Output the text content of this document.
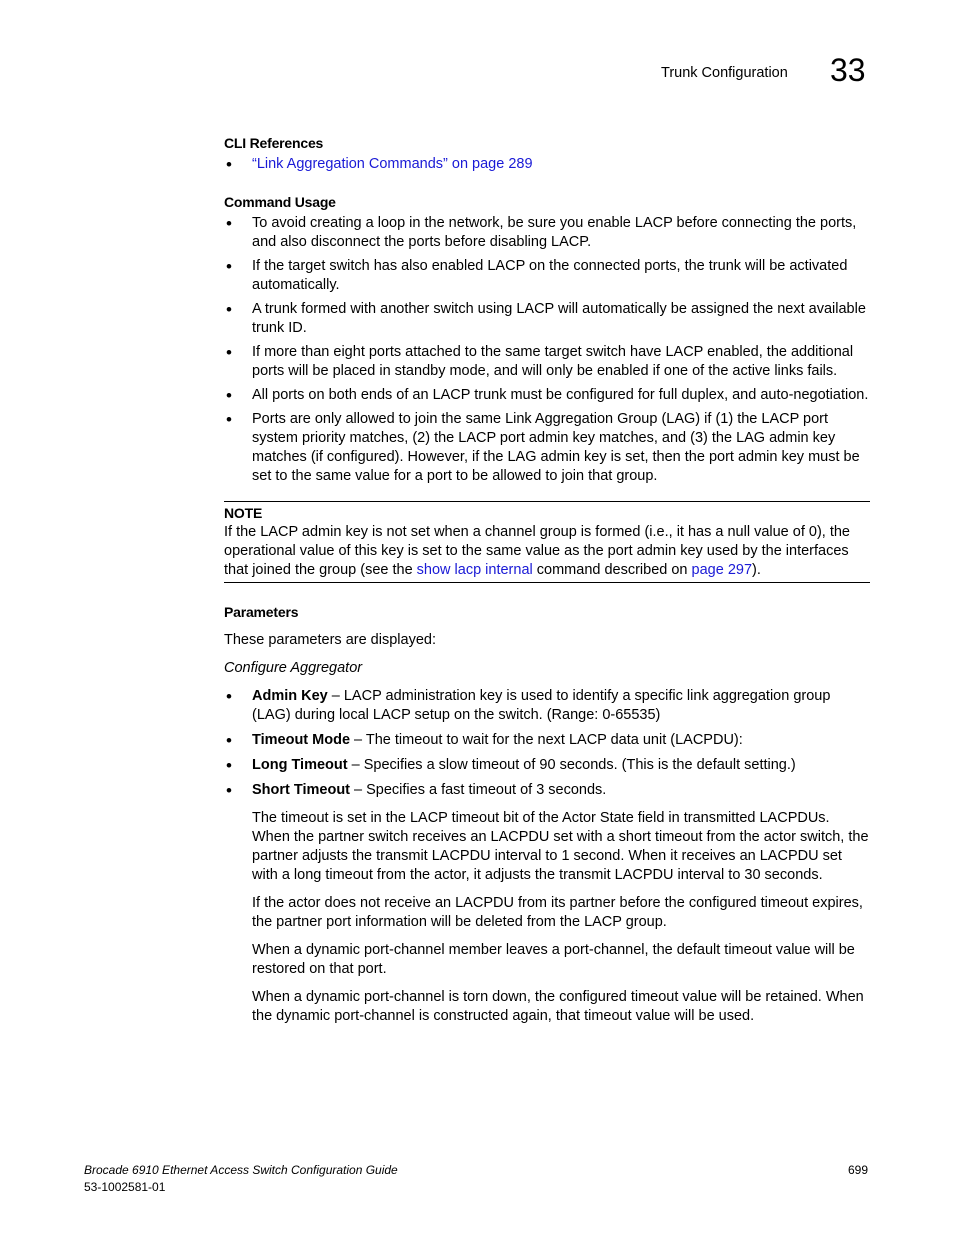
Trunk Configuration 33
CLI References
• “Link Aggregation Commands” on page 289
Command Usage
• To avoid creating a loop in the network, be sure you enable LACP before connecting the ports, and also disconnect the ports before disabling LACP.
• If the target switch has also enabled LACP on the connected ports, the trunk will be activated automatically.
• A trunk formed with another switch using LACP will automatically be assigned the next available trunk ID.
• If more than eight ports attached to the same target switch have LACP enabled, the additional ports will be placed in standby mode, and will only be enabled if one of the active links fails.
• All ports on both ends of an LACP trunk must be configured for full duplex, and auto-negotiation.
• Ports are only allowed to join the same Link Aggregation Group (LAG) if (1) the LACP port system priority matches, (2) the LACP port admin key matches, and (3) the LAG admin key matches (if configured). However, if the LAG admin key is set, then the port admin key must be set to the same value for a port to be allowed to join that group.
NOTE
If the LACP admin key is not set when a channel group is formed (i.e., it has a null value of 0), the operational value of this key is set to the same value as the port admin key used by the interfaces that joined the group (see the show lacp internal command described on page 297).
Parameters
These parameters are displayed:
Configure Aggregator
• Admin Key – LACP administration key is used to identify a specific link aggregation group (LAG) during local LACP setup on the switch. (Range: 0-65535)
• Timeout Mode – The timeout to wait for the next LACP data unit (LACPDU):
• Long Timeout – Specifies a slow timeout of 90 seconds. (This is the default setting.)
• Short Timeout – Specifies a fast timeout of 3 seconds.
The timeout is set in the LACP timeout bit of the Actor State field in transmitted LACPDUs. When the partner switch receives an LACPDU set with a short timeout from the actor switch, the partner adjusts the transmit LACPDU interval to 1 second. When it receives an LACPDU set with a long timeout from the actor, it adjusts the transmit LACPDU interval to 30 seconds.
If the actor does not receive an LACPDU from its partner before the configured timeout expires, the partner port information will be deleted from the LACP group.
When a dynamic port-channel member leaves a port-channel, the default timeout value will be restored on that port.
When a dynamic port-channel is torn down, the configured timeout value will be retained. When the dynamic port-channel is constructed again, that timeout value will be used.
Brocade 6910 Ethernet Access Switch Configuration Guide
53-1002581-01
699
